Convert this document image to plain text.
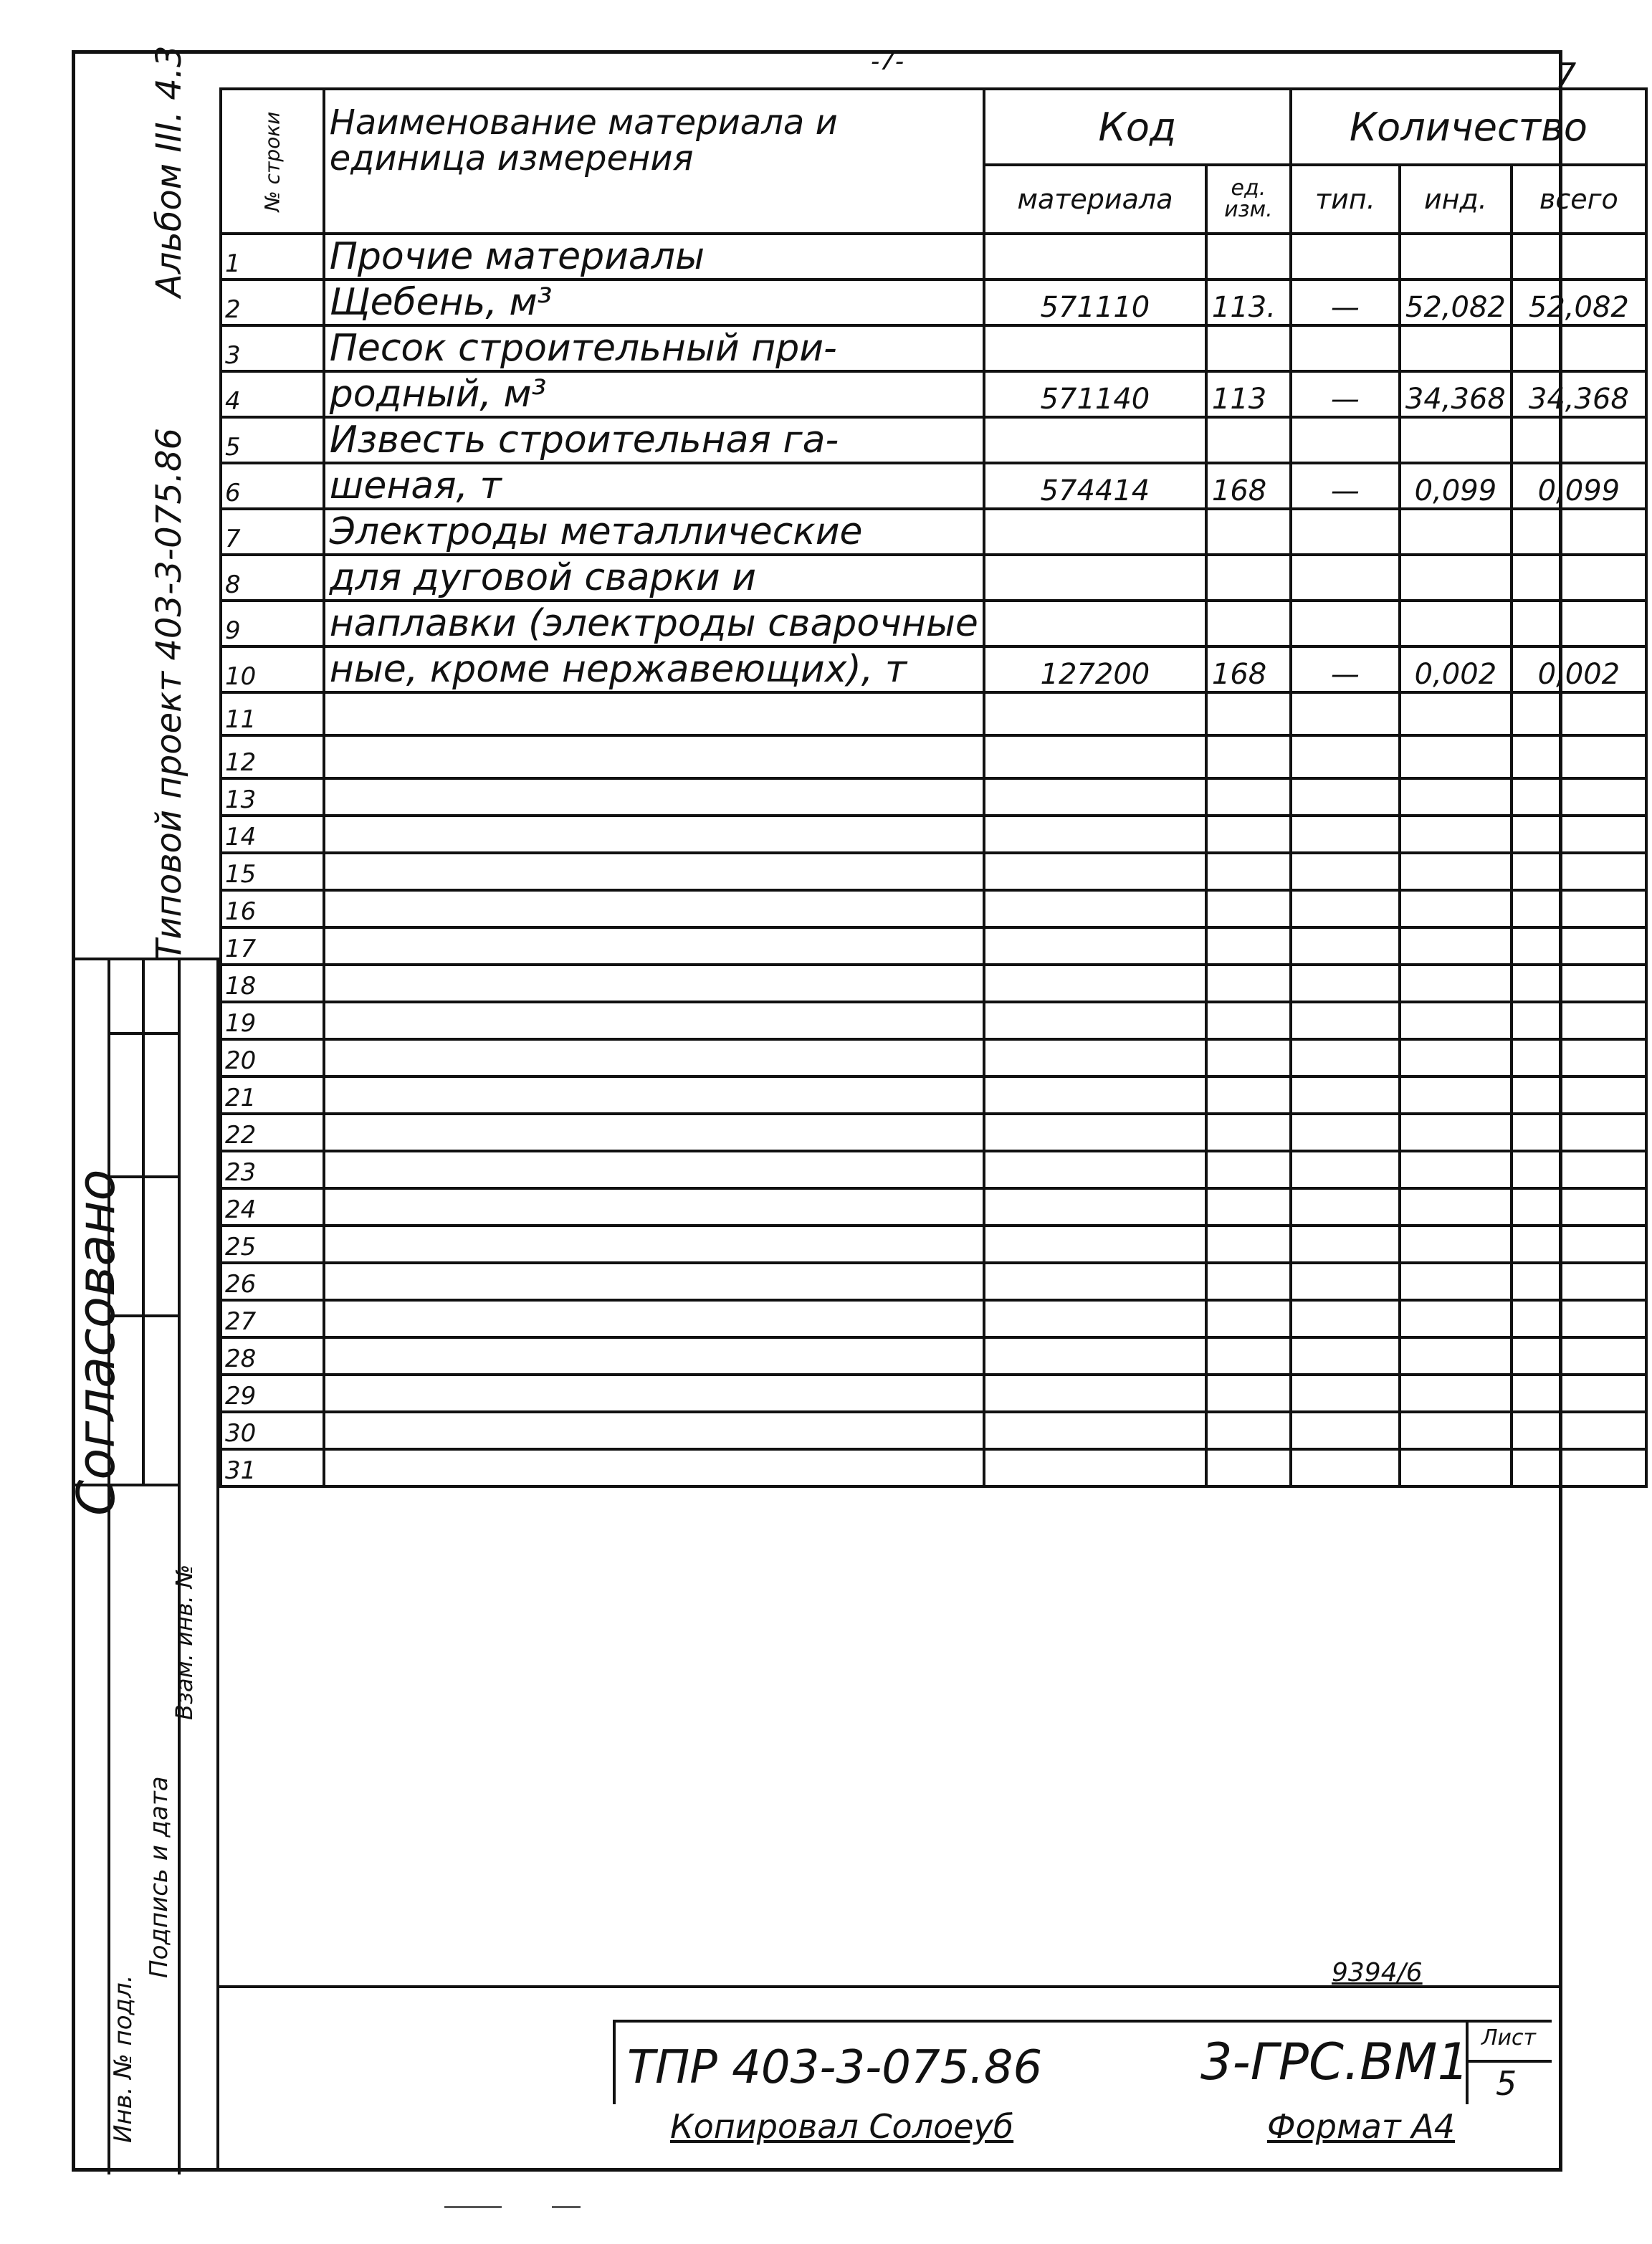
-7-	7
Альбом III. 4.3
Типовой проект 403-3-075.86
Согласовано
Инв. № подл.
Подпись и дата
Взам. инв. №
№ строки	Наименование материала и единица измерения	Код		Количество		
		материала	ед. изм.	тип.	инд.	всего
1	Прочие материалы					
2	Щебень, м³	571110	113.	—	52,082	52,082
3	Песок строительный при-					
4	родный, м³	571140	113	—	34,368	34,368
5	Известь строительная га-					
6	шеная, т	574414	168	—	0,099	0,099
7	Электроды металлические					
8	для дуговой сварки и					
9	наплавки (электроды сварочные					
10	ные, кроме нержавеющих), т	127200	168	—	0,002	0,002
11						
12						
13						
14						
15						
16						
17						
18						
19						
20						
21						
22						
23						
24						
25						
26						
27						
28						
29						
30						
31						
9394/6
ТПР 403-3-075.86	3-ГРС.ВМ1 Лист
5
Копировал Солоеуб	Формат А4
